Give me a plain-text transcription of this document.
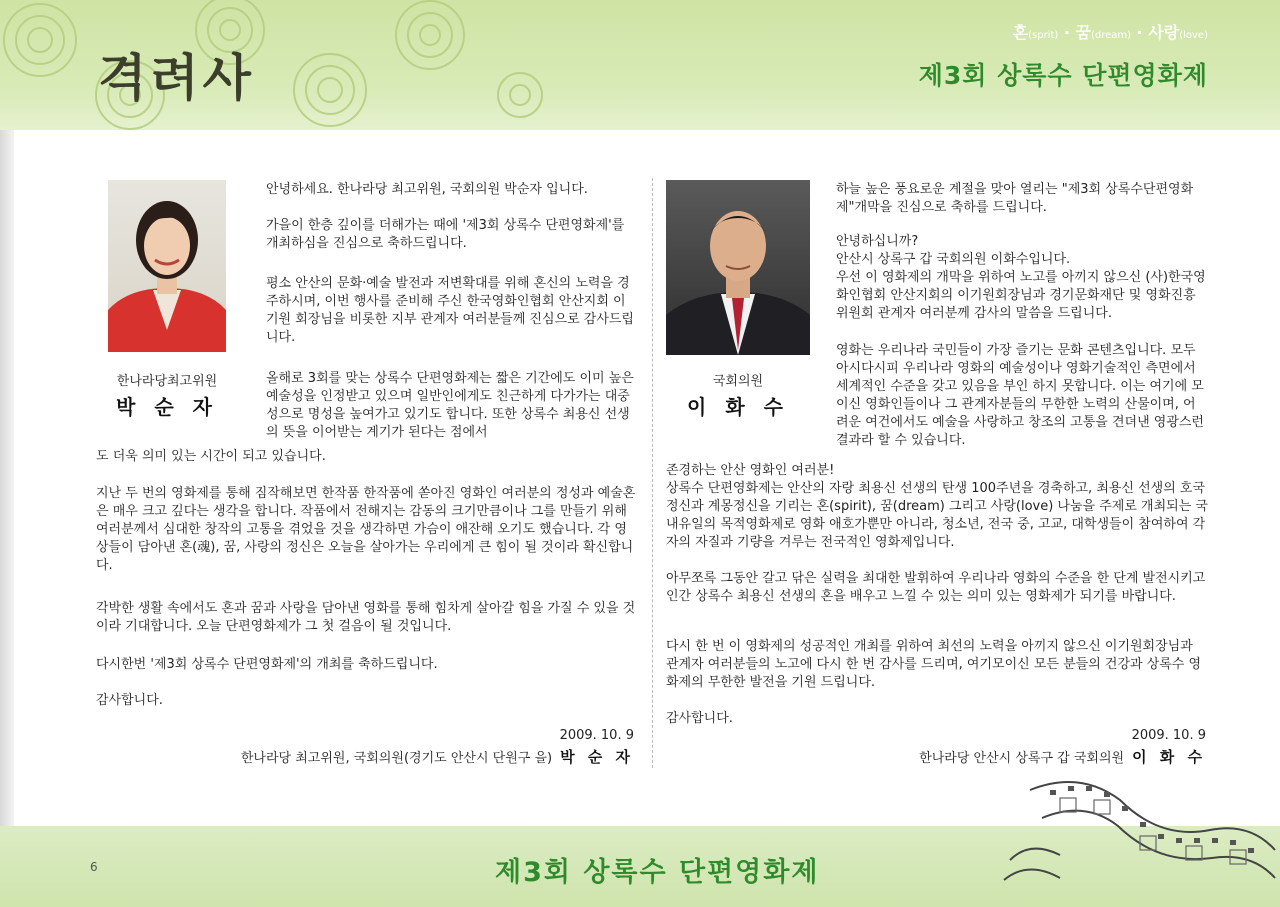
격려사
혼(sprit) · 꿈(dream) · 사랑(love)
제3회 상록수 단편영화제
한나라당최고위원
박 순 자

안녕하세요. 한나라당 최고위원, 국회의원 박순자 입니다.

가을이 한층 깊이를 더해가는 때에 '제3회 상록수 단편영화제'를 개최하심을 진심으로 축하드립니다.

평소 안산의 문화·예술 발전과 저변확대를 위해 혼신의 노력을 경주하시며, 이번 행사를 준비해 주신 한국영화인협회 안산지회 이기원 회장님을 비롯한 지부 관계자 여러분들께 진심으로 감사드립니다.

올해로 3회를 맞는 상록수 단편영화제는 짧은 기간에도 이미 높은 예술성을 인정받고 있으며 일반인에게도 친근하게 다가가는 대중성으로 명성을 높여가고 있기도 합니다. 또한 상록수 최용신 선생의 뜻을 이어받는 계기가 된다는 점에서

도 더욱 의미 있는 시간이 되고 있습니다.

지난 두 번의 영화제를 통해 짐작해보면 한작품 한작품에 쏟아진 영화인 여러분의 정성과 예술혼은 매우 크고 깊다는 생각을 합니다. 작품에서 전해지는 감동의 크기만큼이나 그를 만들기 위해 여러분께서 심대한 창작의 고통을 겪었을 것을 생각하면 가슴이 애잔해 오기도 했습니다. 각 영상들이 담아낸 혼(魂), 꿈, 사랑의 정신은 오늘을 살아가는 우리에게 큰 힘이 될 것이라 확신합니다.

각박한 생활 속에서도 혼과 꿈과 사랑을 담아낸 영화를 통해 힘차게 살아갈 힘을 가질 수 있을 것이라 기대합니다. 오늘 단편영화제가 그 첫 걸음이 될 것입니다.

다시한번 '제3회 상록수 단편영화제'의 개최를 축하드립니다.

감사합니다.

2009. 10. 9
한나라당 최고위원, 국회의원(경기도 안산시 단원구 을) 박 순 자
국회의원
이 화 수

하늘 높은 풍요로운 계절을 맞아 열리는 "제3회 상록수단편영화제"개막을 진심으로 축하를 드립니다.

안녕하십니까?
안산시 상록구 갑 국회의원 이화수입니다.
우선 이 영화제의 개막을 위하여 노고를 아끼지 않으신 (사)한국영화인협회 안산지회의 이기원회장님과 경기문화재단 및 영화진흥위원회 관계자 여러분께 감사의 말씀을 드립니다.

영화는 우리나라 국민들이 가장 즐기는 문화 콘텐츠입니다. 모두 아시다시피 우리나라 영화의 예술성이나 영화기술적인 측면에서 세계적인 수준을 갖고 있음을 부인 하지 못합니다. 이는 여기에 모이신 영화인들이나 그 관계자분들의 무한한 노력의 산물이며, 어려운 여건에서도 예술을 사랑하고 창조의 고통을 견뎌낸 영광스런 결과라 할 수 있습니다.

존경하는 안산 영화인 여러분!
상록수 단편영화제는 안산의 자랑 최용신 선생의 탄생 100주년을 경축하고, 최용신 선생의 호국정신과 계몽정신을 기리는 혼(spirit), 꿈(dream) 그리고 사랑(love) 나눔을 주제로 개최되는 국내유일의 목적영화제로 영화 애호가뿐만 아니라, 청소년, 전국 중, 고교, 대학생들이 참여하여 각자의 자질과 기량을 겨루는 전국적인 영화제입니다.

아무쪼록 그동안 갈고 닦은 실력을 최대한 발휘하여 우리나라 영화의 수준을 한 단계 발전시키고 인간 상록수 최용신 선생의 혼을 배우고 느낄 수 있는 의미 있는 영화제가 되기를 바랍니다.

다시 한 번 이 영화제의 성공적인 개최를 위하여 최선의 노력을 아끼지 않으신 이기원회장님과 관계자 여러분들의 노고에 다시 한 번 감사를 드리며, 여기모이신 모든 분들의 건강과 상록수 영화제의 무한한 발전을 기원 드립니다.

감사합니다.

2009. 10. 9
한나라당 안산시 상록구 갑 국회의원 이 화 수
6	제3회 상록수 단편영화제
